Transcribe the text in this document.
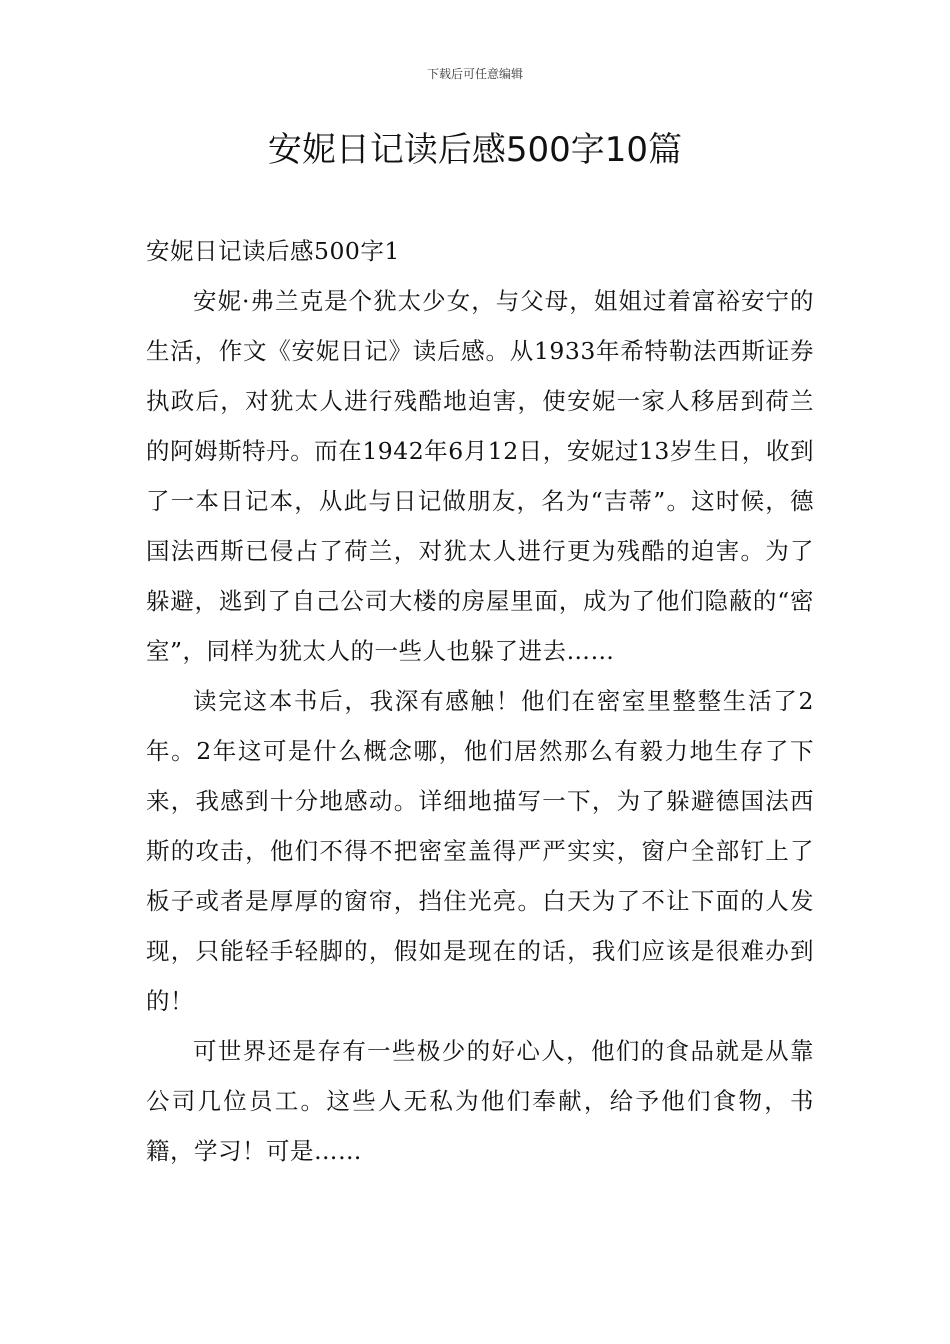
下载后可任意编辑
安妮日记读后感500字10篇
安妮日记读后感500字1

安妮·弗兰克是个犹太少女，与父母，姐姐过着富裕安宁的生活，作文《安妮日记》读后感。从1933年希特勒法西斯证券执政后，对犹太人进行残酷地迫害，使安妮一家人移居到荷兰的阿姆斯特丹。而在1942年6月12日，安妮过13岁生日，收到了一本日记本，从此与日记做朋友，名为“吉蒂”。这时候，德国法西斯已侵占了荷兰，对犹太人进行更为残酷的迫害。为了躲避，逃到了自己公司大楼的房屋里面，成为了他们隐蔽的“密室”，同样为犹太人的一些人也躲了进去……

读完这本书后，我深有感触！他们在密室里整整生活了2年。2年这可是什么概念哪，他们居然那么有毅力地生存了下来，我感到十分地感动。详细地描写一下，为了躲避德国法西斯的攻击，他们不得不把密室盖得严严实实，窗户全部钉上了板子或者是厚厚的窗帘，挡住光亮。白天为了不让下面的人发现，只能轻手轻脚的，假如是现在的话，我们应该是很难办到的！

可世界还是存有一些极少的好心人，他们的食品就是从靠公司几位员工。这些人无私为他们奉献，给予他们食物，书籍，学习！可是……
